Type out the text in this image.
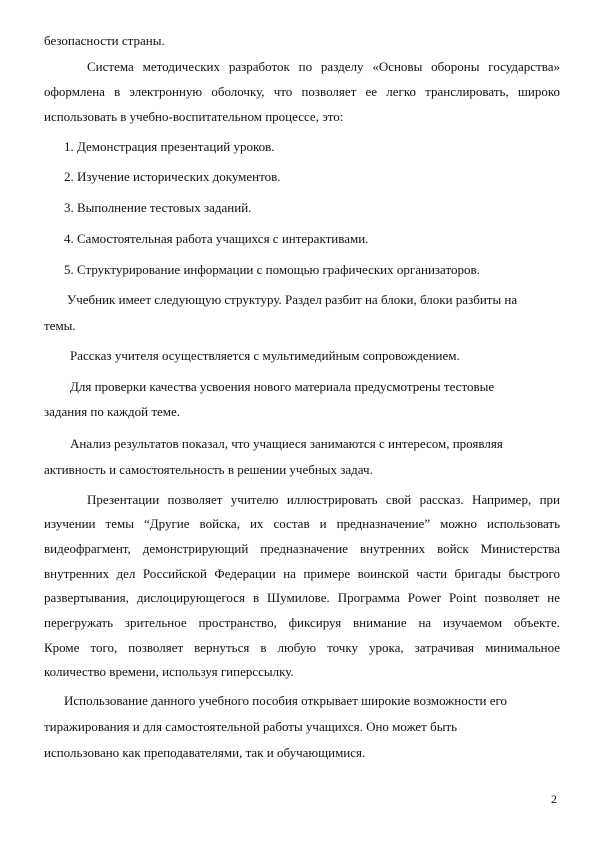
безопасности страны.
Система методических разработок по разделу «Основы обороны государства»
оформлена в электронную оболочку, что позволяет ее легко транслировать, широко
использовать в учебно-воспитательном процессе, это:
1. Демонстрация презентаций уроков.
2. Изучение исторических документов.
3. Выполнение тестовых заданий.
4. Самостоятельная работа учащихся с интерактивами.
5. Структурирование информации с помощью графических организаторов.
Учебник имеет следующую структуру. Раздел разбит на блоки, блоки разбиты на
темы.
Рассказ учителя осуществляется с мультимедийным сопровождением.
Для проверки качества усвоения нового материала предусмотрены тестовые
задания по каждой теме.
Анализ результатов показал, что учащиеся занимаются с интересом, проявляя
активность и самостоятельность в решении учебных задач.
Презентации позволяет учителю иллюстрировать свой рассказ. Например, при
изучении темы “Другие войска, их состав и предназначение” можно использовать
видеофрагмент, демонстрирующий предназначение внутренних войск Министерства
внутренних дел Российской Федерации на примере воинской части бригады быстрого
развертывания, дислоцирующегося в Шумилове. Программа Power Point позволяет не
перегружать зрительное пространство, фиксируя внимание на изучаемом объекте.
Кроме того, позволяет вернуться в любую точку урока, затрачивая минимальное
количество времени, используя гиперссылку.
Использование данного учебного пособия открывает широкие возможности его
тиражирования и для самостоятельной работы учащихся. Оно может быть
использовано как преподавателями, так и обучающимися.
2
